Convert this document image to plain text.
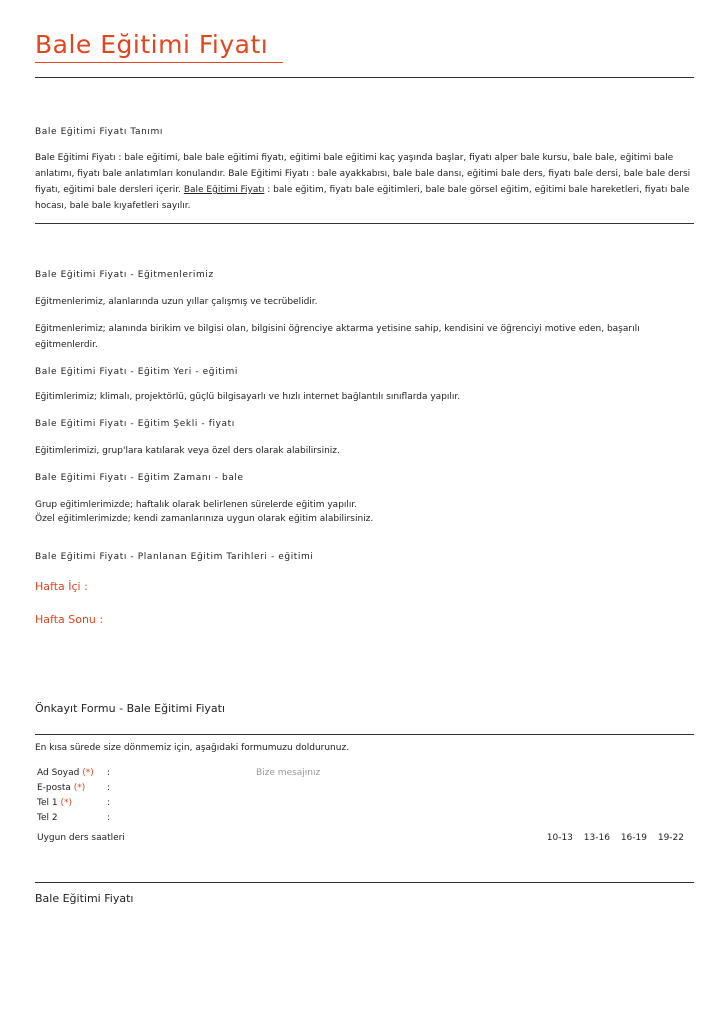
Bale Eğitimi Fiyatı
Bale Eğitimi Fiyatı Tanımı
Bale Eğitimi Fiyatı : bale eğitimi, bale bale eğitimi fiyatı, eğitimi bale eğitimi kaç yaşında başlar, fiyatı alper bale kursu, bale bale, eğitimi bale anlatımı, fiyatı bale anlatımları konulandır. Bale Eğitimi Fiyatı : bale ayakkabısı, bale bale dansı, eğitimi bale ders, fiyatı bale dersi, bale bale dersi fiyatı, eğitimi bale dersleri içerir. Bale Eğitimi Fiyatı : bale eğitim, fiyatı bale eğitimleri, bale bale görsel eğitim, eğitimi bale hareketleri, fiyatı bale hocası, bale bale kıyafetleri sayılır.
Bale Eğitimi Fiyatı - Eğitmenlerimiz
Eğitmenlerimiz, alanlarında uzun yıllar çalışmış ve tecrübelidir.
Eğitmenlerimiz; alanında birikim ve bilgisi olan, bilgisini öğrenciye aktarma yetisine sahip, kendisini ve öğrenciyi motive eden, başarılı eğitmenlerdir.
Bale Eğitimi Fiyatı - Eğitim Yeri - eğitimi
Eğitimlerimiz; klimalı, projektörlü, güçlü bilgisayarlı ve hızlı internet bağlantılı sınıflarda yapılır.
Bale Eğitimi Fiyatı - Eğitim Şekli - fiyatı
Eğitimlerimizi, grup'lara katılarak veya özel ders olarak alabilirsiniz.
Bale Eğitimi Fiyatı - Eğitim Zamanı - bale
Grup eğitimlerimizde; haftalık olarak belirlenen sürelerde eğitim yapılır.
Özel eğitimlerimizde; kendi zamanlarınıza uygun olarak eğitim alabilirsiniz.
Bale Eğitimi Fiyatı - Planlanan Eğitim Tarihleri - eğitimi
Hafta İçi :
Hafta Sonu :
Önkayıt Formu - Bale Eğitimi Fiyatı
En kısa sürede size dönmemiz için, aşağıdaki formumuzu doldurunuz.
Ad Soyad (*) :
E-posta (*) :
Tel 1 (*)	:
Tel 2	:
Bize mesajınız
Uygun ders saatleri	10-13 13-16 16-19 19-22
Bale Eğitimi Fiyatı
